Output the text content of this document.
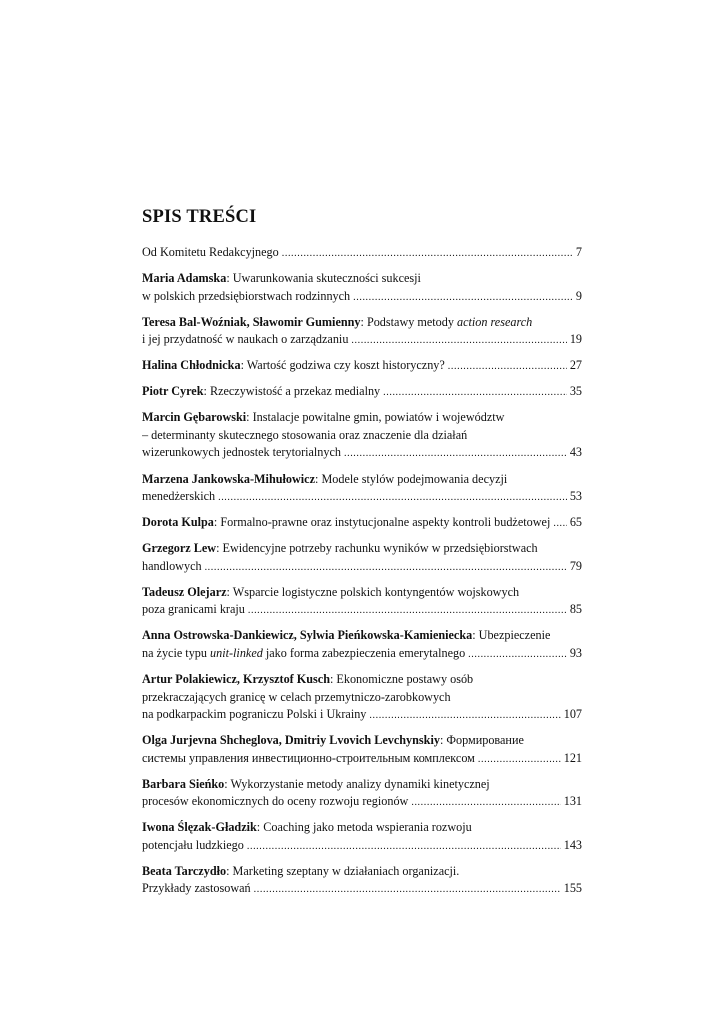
SPIS TREŚCI
Od Komitetu Redakcyjnego .....	7
Maria Adamska: Uwarunkowania skuteczności sukcesji
w polskich przedsiębiorstwach rodzinnych .....	9
Teresa Bal-Woźniak, Sławomir Gumienny: Podstawy metody action research
i jej przydatność w naukach o zarządzaniu .....	19
Halina Chłodnicka: Wartość godziwa czy koszt historyczny? .....	27
Piotr Cyrek: Rzeczywistość a przekaz medialny .....	35
Marcin Gębarowski: Instalacje powitalne gmin, powiatów i województw
– determinanty skutecznego stosowania oraz znaczenie dla działań
wizerunkowych jednostek terytorialnych .....	43
Marzena Jankowska-Mihułowicz: Modele stylów podejmowania decyzji
menedżerskich .....	53
Dorota Kulpa: Formalno-prawne oraz instytucjonalne aspekty kontroli budżetowej ..... 65
Grzegorz Lew: Ewidencyjne potrzeby rachunku wyników w przedsiębiorstwach
handlowych .....	79
Tadeusz Olejarz: Wsparcie logistyczne polskich kontyngentów wojskowych
poza granicami kraju .....	85
Anna Ostrowska-Dankiewicz, Sylwia Pieńkowska-Kamieniecka: Ubezpieczenie
na życie typu unit-linked jako forma zabezpieczenia emerytalnego .....	93
Artur Polakiewicz, Krzysztof Kusch: Ekonomiczne postawy osób
przekraczających granicę w celach przemytniczo-zarobkowych
na podkarpackim pograniczu Polski i Ukrainy .....	107
Olga Jurjevna Shcheglova, Dmitriy Lvovich Levchynskiy: Формирование
системы управления инвестиционно-строительным комплексом .....	121
Barbara Sieńko: Wykorzystanie metody analizy dynamiki kinetycznej
procesów ekonomicznych do oceny rozwoju regionów .....	131
Iwona Ślęzak-Gładzik: Coaching jako metoda wspierania rozwoju
potencjału ludzkiego .....	143
Beata Tarczydło: Marketing szeptany w działaniach organizacji.
Przykłady zastosowań .....	155
